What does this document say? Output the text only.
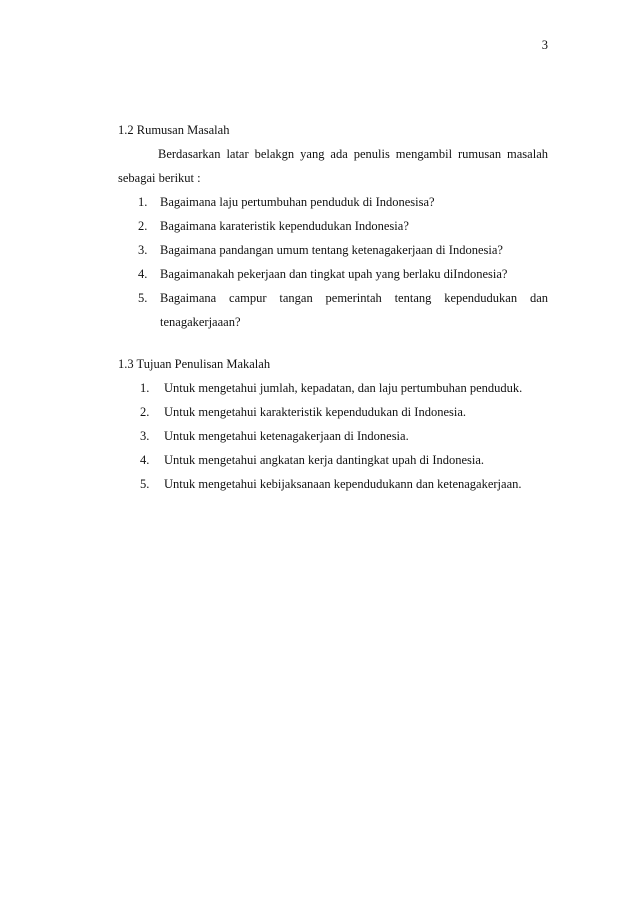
3
1.2 Rumusan Masalah

Berdasarkan latar belakgn yang ada penulis mengambil rumusan masalah sebagai berikut :

1.	Bagaimana laju pertumbuhan penduduk di Indonesisa?
2.	Bagaimana karateristik kependudukan Indonesia?
3.	Bagaimana pandangan umum tentang ketenagakerjaan di Indonesia?
4.	Bagaimanakah pekerjaan dan tingkat upah yang berlaku diIndonesia?
5.	Bagaimana campur tangan pemerintah tentang kependudukan dan
tenagakerjaaan?
1.3 Tujuan Penulisan Makalah
1.	Untuk mengetahui jumlah, kepadatan, dan laju pertumbuhan penduduk.
2.	Untuk mengetahui karakteristik kependudukan di Indonesia.
3.	Untuk mengetahui ketenagakerjaan di Indonesia.
4.	Untuk mengetahui angkatan kerja dantingkat upah di Indonesia.
5.	Untuk mengetahui kebijaksanaan kependudukann dan ketenagakerjaan.
